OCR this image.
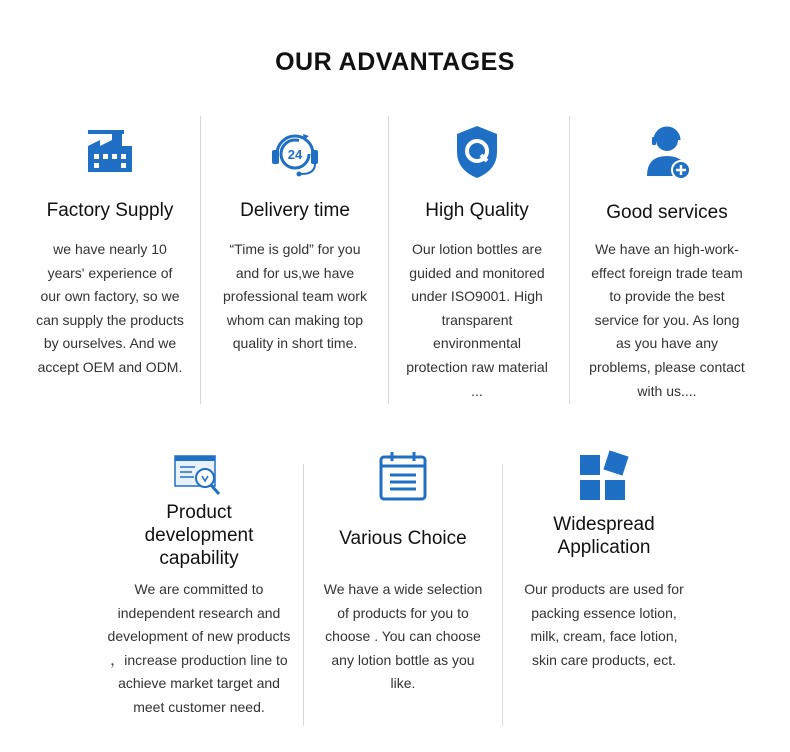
OUR ADVANTAGES
Factory Supply

we have nearly 10 years' experience of our own factory, so we can supply the products by ourselves. And we accept OEM and ODM.

24
Delivery time

“Time is gold” for you and for us,we have professional team work whom can making top quality in short time.

High Quality

Our lotion bottles are guided and monitored under ISO9001. High transparent environmental protection raw material ...

Good services

We have an high-work-effect foreign trade team to provide the best service for you. As long as you have any problems, please contact with us....

Product development capability

We are committed to independent research and development of new products ，increase production line to achieve market target and meet customer need.

Various Choice

We have a wide selection of products for you to choose . You can choose any lotion bottle as you like.

Widespread Application

Our products are used for packing essence lotion, milk, cream, face lotion, skin care products, ect.
